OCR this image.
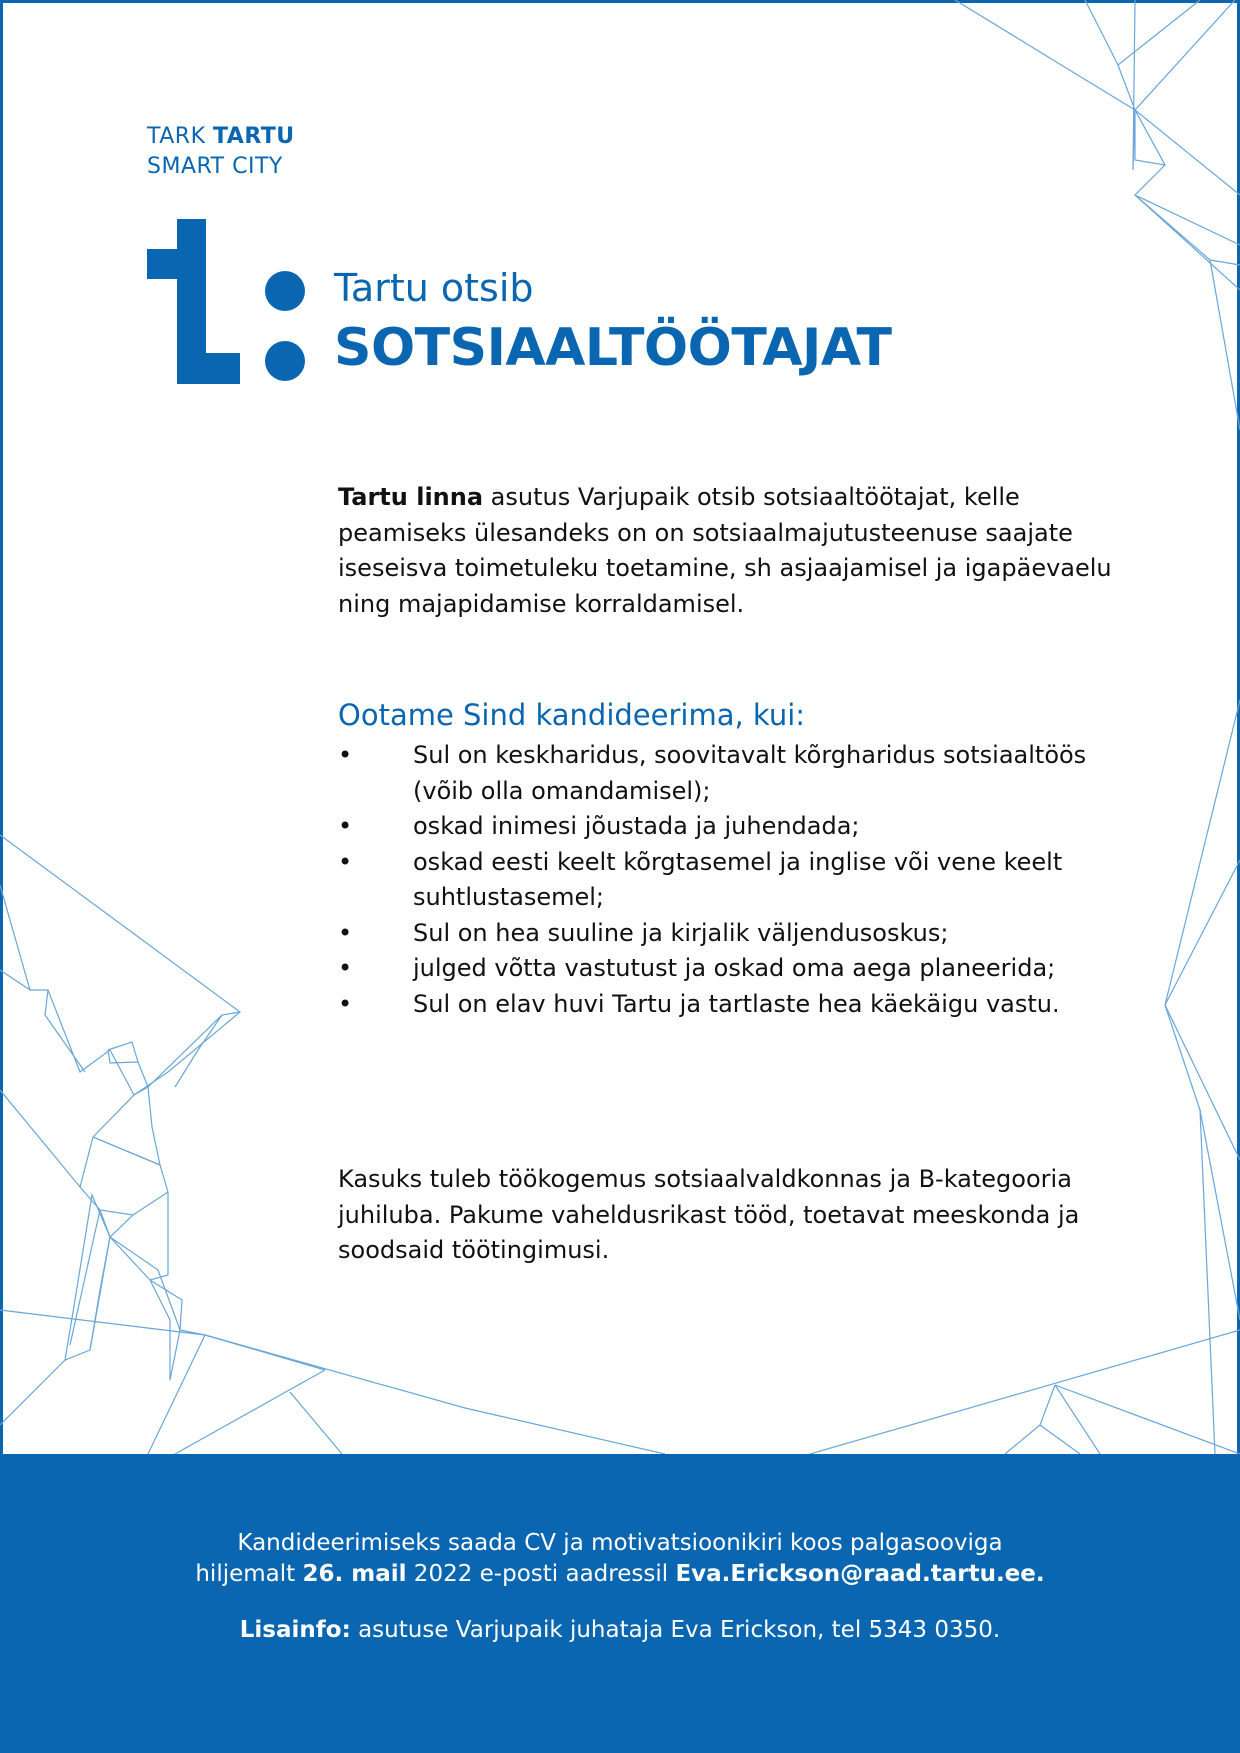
TARK TARTU
SMART CITY
Tartu otsib
SOTSIAALTÖÖTAJAT

Tartu linna asutus Varjupaik otsib sotsiaaltöötajat, kelle peamiseks ülesandeks on on sotsiaalmajutusteenuse saajate iseseisva toimetuleku toetamine, sh asjaajamisel ja igapäevaelu ning majapidamise korraldamisel.

Ootame Sind kandideerima, kui:
•	Sul on keskharidus, soovitavalt kõrgharidus sotsiaaltöös (võib olla omandamisel);
•	oskad inimesi jõustada ja juhendada;
•	oskad eesti keelt kõrgtasemel ja inglise või vene keelt suhtlustasemel;
•	Sul on hea suuline ja kirjalik väljendusoskus;
•	julged võtta vastutust ja oskad oma aega planeerida;
•	Sul on elav huvi Tartu ja tartlaste hea käekäigu vastu.

Kasuks tuleb töökogemus sotsiaalvaldkonnas ja B-kategooria juhiluba. Pakume vaheldusrikast tööd, toetavat meeskonda ja soodsaid töötingimusi.

Kandideerimiseks saada CV ja motivatsioonikiri koos palgasooviga
hiljemalt 26. mail 2022 e-posti aadressil Eva.Erickson@raad.tartu.ee.
Lisainfo: asutuse Varjupaik juhataja Eva Erickson, tel 5343 0350.
